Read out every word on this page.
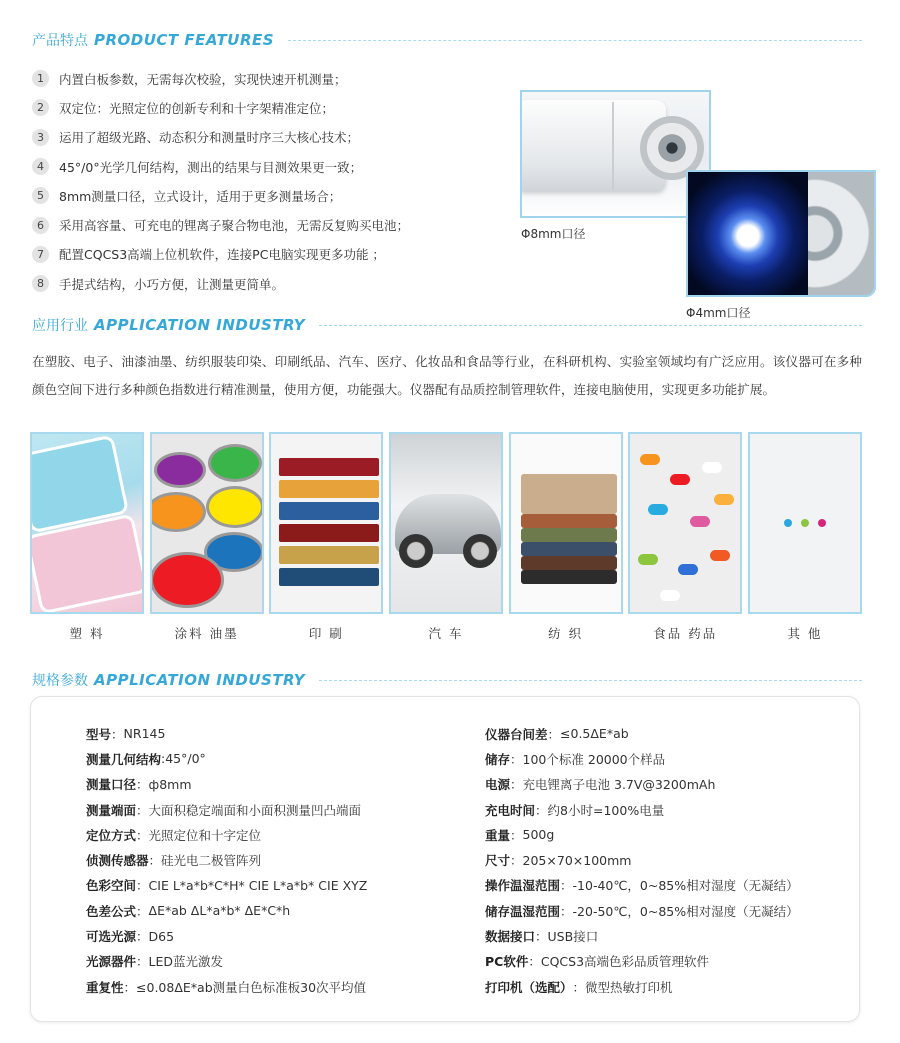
产品特点 PRODUCT FEATURES
1	内置白板参数，无需每次校验，实现快速开机测量；
2	双定位：光照定位的创新专利和十字架精准定位；
3	运用了超级光路、动态积分和测量时序三大核心技术；
4	45°/0°光学几何结构，测出的结果与目测效果更一致；
5	8mm测量口径，立式设计，适用于更多测量场合；
6	采用高容量、可充电的锂离子聚合物电池，无需反复购买电池；
7	配置CQCS3高端上位机软件，连接PC电脑实现更多功能 ；
8	手提式结构，小巧方便，让测量更简单。
Φ8mm口径
Φ4mm口径
应用行业 APPLICATION INDUSTRY

在塑胶、电子、油漆油墨、纺织服装印染、印刷纸品、汽车、医疗、化妆品和食品等行业，在科研机构、实验室领域均有广泛应用。该仪器可在多种颜色空间下进行多种颜色指数进行精准测量，使用方便，功能强大。仪器配有品质控制管理软件，连接电脑使用，实现更多功能扩展。

塑 料	涂料 油墨	印 刷	汽 车	纺 织	食品 药品	其 他
规格参数 APPLICATION INDUSTRY
型号 ： NR145
测量几何结构 : 45°/0°
测量口径 ： ф8mm
测量端面 ： 大面积稳定端面和小面积测量凹凸端面
定位方式 ： 光照定位和十字定位
侦测传感器 ： 硅光电二极管阵列
色彩空间 ： CIE L*a*b*C*H* CIE L*a*b* CIE XYZ
色差公式 ： ΔE*ab ΔL*a*b* ΔE*C*h
可选光源 ： D65
光源器件 ： LED蓝光激发
重复性 ： ≤0.08ΔE*ab测量白色标准板30次平均值
仪器台间差 ： ≤0.5ΔE*ab
储存 ： 100个标准 20000个样品
电源 ： 充电锂离子电池 3.7V@3200mAh
充电时间 ： 约8小时=100%电量
重量 ： 500g
尺寸 ： 205×70×100mm
操作温湿范围 ： -10-40℃，0~85%相对湿度（无凝结）
储存温湿范围 ： -20-50℃，0~85%相对湿度（无凝结）
数据接口 ： USB接口
PC软件 ： CQCS3高端色彩品质管理软件
打印机（选配） ： 微型热敏打印机
